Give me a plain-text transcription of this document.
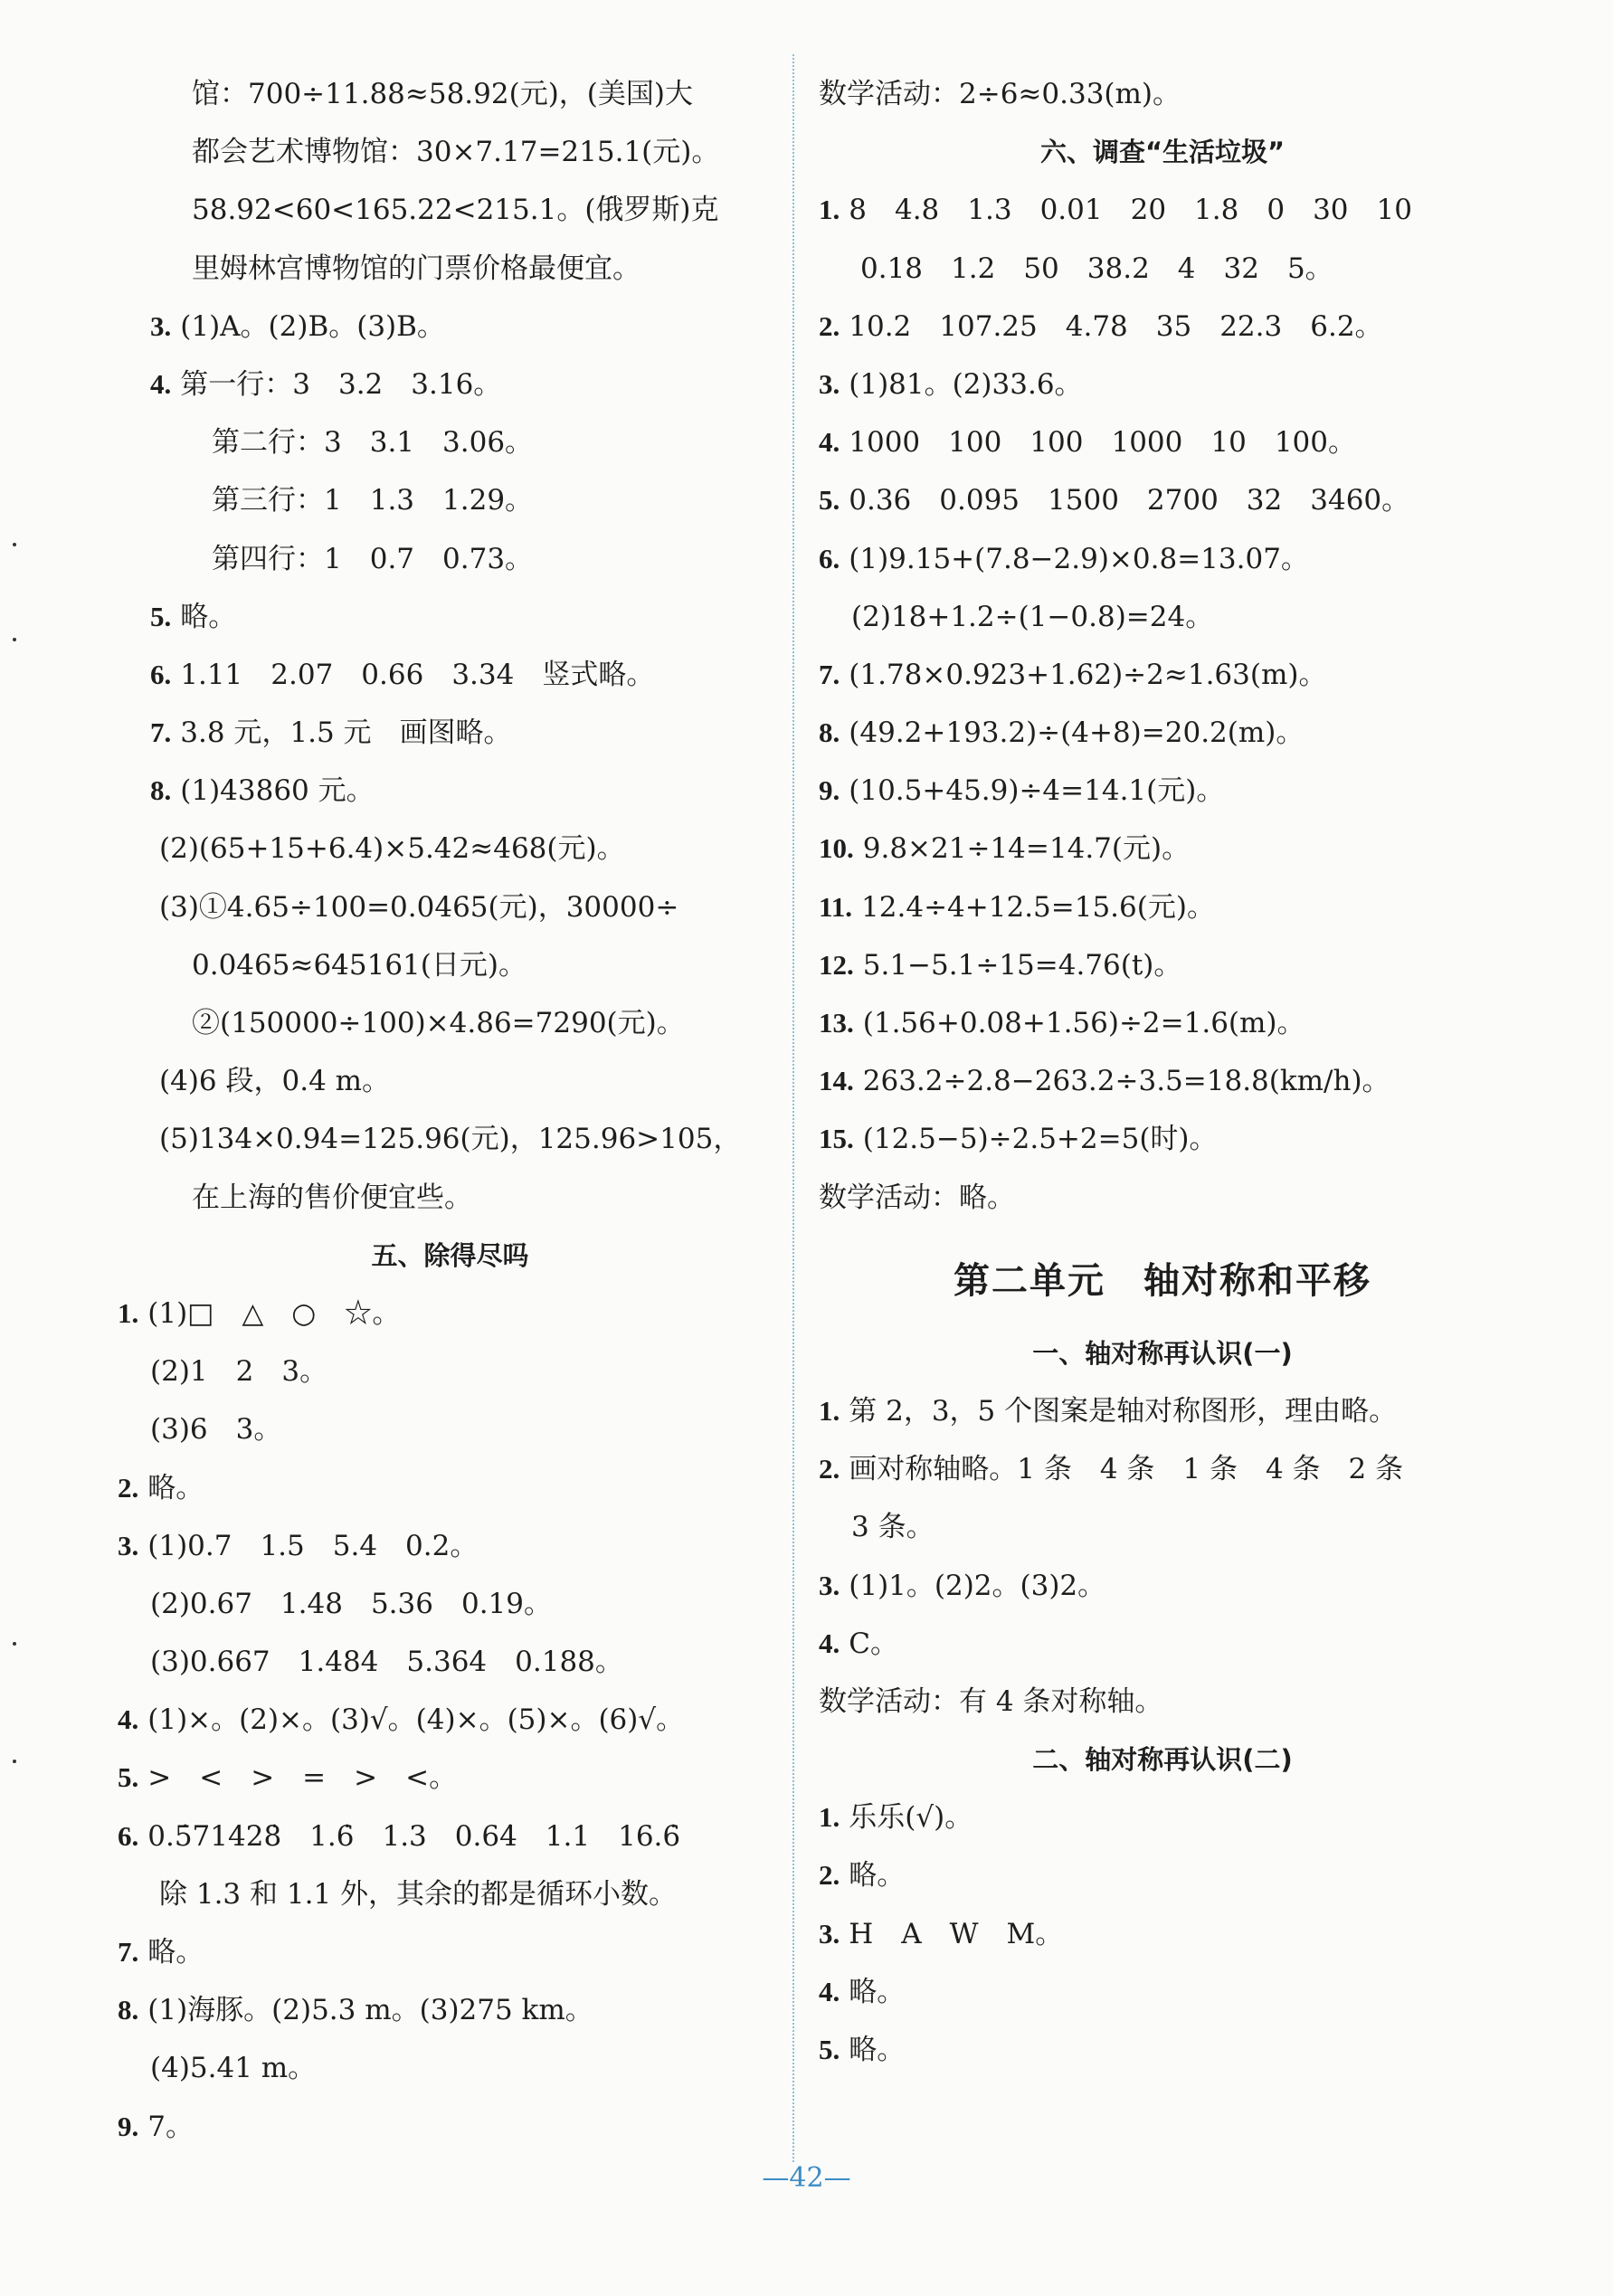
馆：700÷11.88≈58.92(元)，(美国)大
都会艺术博物馆：30×7.17=215.1(元)。
58.92<60<165.22<215.1。(俄罗斯)克
里姆林宫博物馆的门票价格最便宜。
3. (1)A。(2)B。(3)B。
4. 第一行：3　3.2　3.16。
第二行：3　3.1　3.06。
第三行：1　1.3　1.29。
第四行：1　0.7　0.73。
5. 略。
6. 1.11　2.07　0.66　3.34　竖式略。
7. 3.8 元，1.5 元　画图略。
8. (1)43860 元。
(2)(65+15+6.4)×5.42≈468(元)。
(3)①4.65÷100=0.0465(元)，30000÷
0.0465≈645161(日元)。
②(150000÷100)×4.86=7290(元)。
(4)6 段，0.4 m。
(5)134×0.94=125.96(元)，125.96>105，
在上海的售价便宜些。
五、除得尽吗
1. (1)□　△　○　☆。
(2)1　2　3。
(3)6　3。
2. 略。
3. (1)0.7　1.5　5.4　0.2。
(2)0.67　1.48　5.36　0.19。
(3)0.667　1.484　5.364　0.188。
4. (1)×。(2)×。(3)√。(4)×。(5)×。(6)√。
5. >　<　>　=　>　<。
6. 0.5̇71428̇　1.6̇　1.3　0.64̇　1.1　16.6̇
除 1.3 和 1.1 外，其余的都是循环小数。
7. 略。
8. (1)海豚。(2)5.3 m。(3)275 km。
(4)5.41 m。
9. 7。
数学活动：2÷6≈0.33(m)。
六、调查“生活垃圾”
1. 8　4.8　1.3　0.01　20　1.8　0　30　10
0.18　1.2　50　38.2　4　32　5。
2. 10.2　107.25　4.78　35　22.3　6.2。
3. (1)81。(2)33.6。
4. 1000　100　100　1000　10　100。
5. 0.36　0.095　1500　2700　32　3460。
6. (1)9.15+(7.8−2.9)×0.8=13.07。
(2)18+1.2÷(1−0.8)=24。
7. (1.78×0.923+1.62)÷2≈1.63(m)。
8. (49.2+193.2)÷(4+8)=20.2(m)。
9. (10.5+45.9)÷4=14.1(元)。
10. 9.8×21÷14=14.7(元)。
11. 12.4÷4+12.5=15.6(元)。
12. 5.1−5.1÷15=4.76(t)。
13. (1.56+0.08+1.56)÷2=1.6(m)。
14. 263.2÷2.8−263.2÷3.5=18.8(km/h)。
15. (12.5−5)÷2.5+2=5(时)。
数学活动：略。
第二单元　轴对称和平移
一、轴对称再认识(一)
1. 第 2，3，5 个图案是轴对称图形，理由略。
2. 画对称轴略。1 条　4 条　1 条　4 条　2 条
3 条。
3. (1)1。(2)2。(3)2。
4. C。
数学活动：有 4 条对称轴。
二、轴对称再认识(二)
1. 乐乐(√)。
2. 略。
3. H　A　W　M。
4. 略。
5. 略。
—42—
